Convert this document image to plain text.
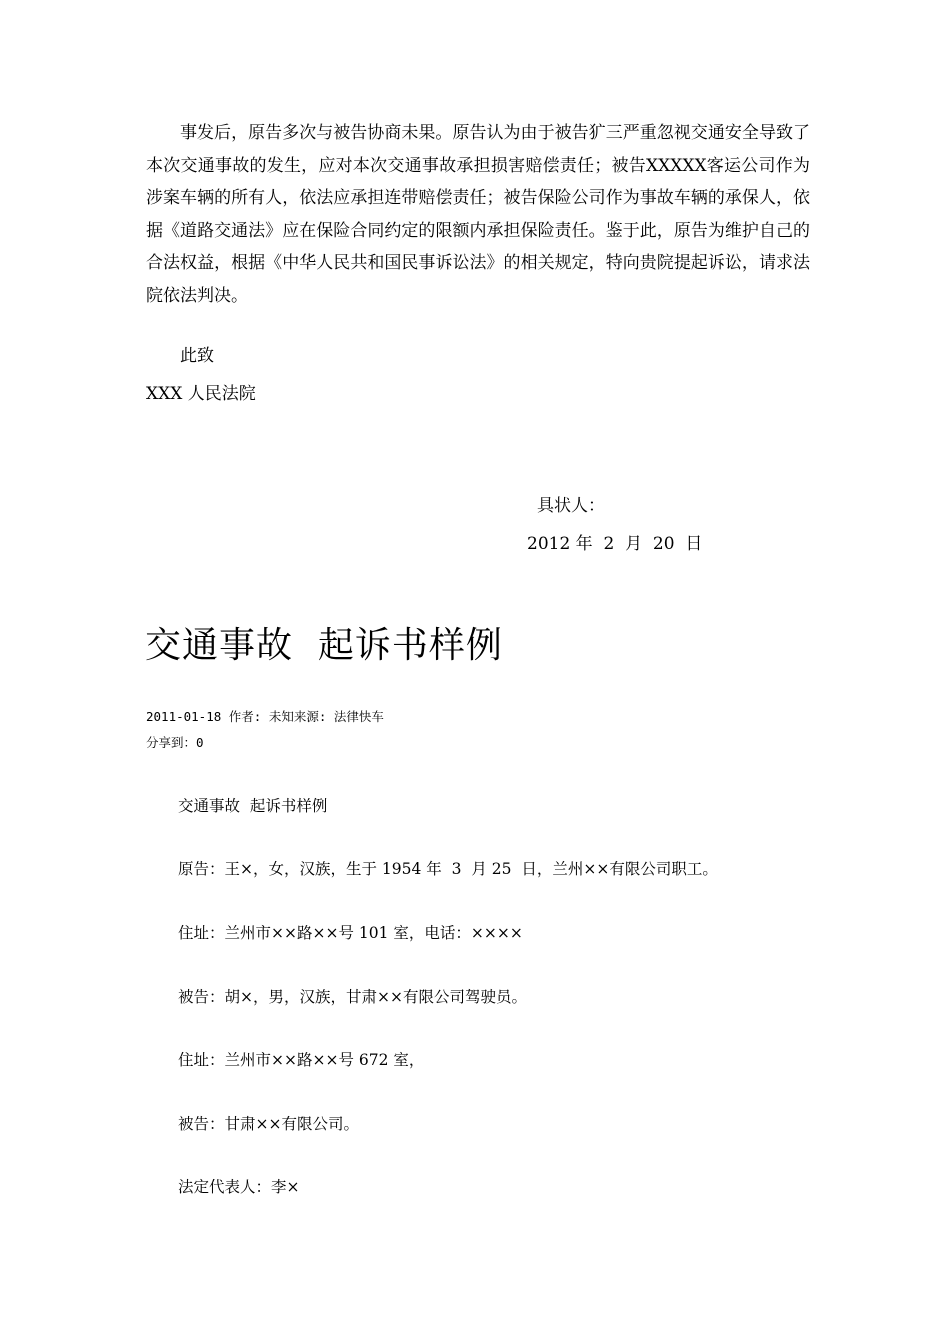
事发后，原告多次与被告协商未果。原告认为由于被告犷三严重忽视交通安全导致了本次交通事故的发生，应对本次交通事故承担损害赔偿责任；被告XXXXX客运公司作为涉案车辆的所有人，依法应承担连带赔偿责任；被告保险公司作为事故车辆的承保人，依据《道路交通法》应在保险合同约定的限额内承担保险责任。鉴于此，原告为维护自己的合法权益，根据《中华人民共和国民事诉讼法》的相关规定，特向贵院提起诉讼，请求法院依法判决。

此致
XXX 人民法院
具状人：
2012 年  2  月  20  日
交通事故  起诉书样例
2011-01-18 作者: 未知来源: 法律快车
分享到：0
交通事故  起诉书样例
原告：王×，女，汉族，生于 1954 年  3  月 25  日，兰州××有限公司职工。
住址：兰州市××路××号 101 室，电话：××××
被告：胡×，男，汉族，甘肃××有限公司驾驶员。
住址：兰州市××路××号 672 室，
被告：甘肃××有限公司。
法定代表人：李×
